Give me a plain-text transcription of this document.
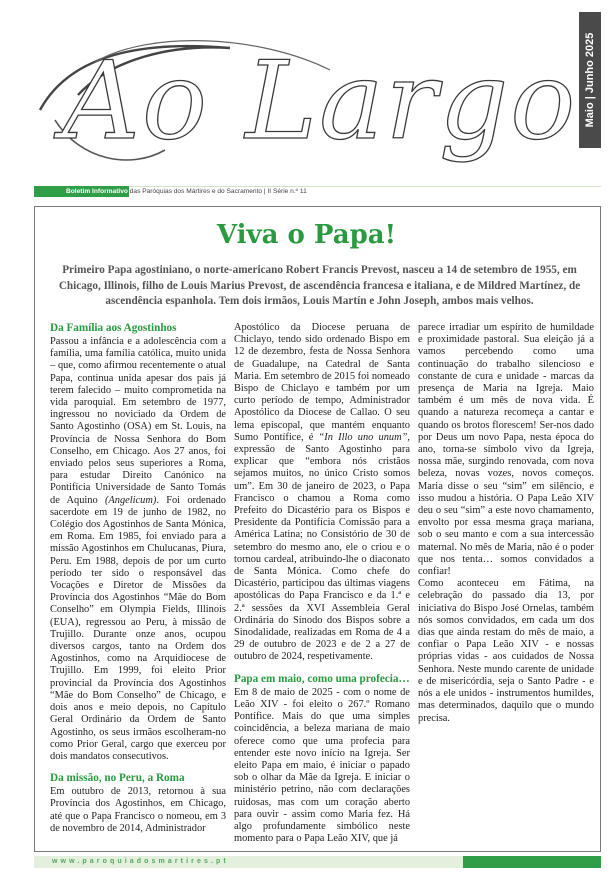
Ao Largo Maio | Junho 2025
Boletim Informativo das Paróquias dos Mártires e do Sacramento | II Série n.º 11
Viva o Papa!

Primeiro Papa agostiniano, o norte-americano Robert Francis Prevost, nasceu a 14 de setembro de 1955, em Chicago, Illinois, filho de Louis Marius Prevost, de ascendência francesa e italiana, e de Mildred Martínez, de ascendência espanhola. Tem dois irmãos, Louis Martín e John Joseph, ambos mais velhos.

Da Família aos Agostinhos

Passou a infância e a adolescência com a família, uma família católica, muito unida – que, como afirmou recentemente o atual Papa, continua unida apesar dos pais já terem falecido – muito comprometida na vida paroquial. Em setembro de 1977, ingressou no noviciado da Ordem de Santo Agostinho (OSA) em St. Louis, na Província de Nossa Senhora do Bom Conselho, em Chicago. Aos 27 anos, foi enviado pelos seus superiores a Roma, para estudar Direito Canónico na Pontifícia Universidade de Santo Tomás de Aquino (Angelicum). Foi ordenado sacerdote em 19 de junho de 1982, no Colégio dos Agostinhos de Santa Mónica, em Roma. Em 1985, foi enviado para a missão Agostinhos em Chulucanas, Piura, Peru. Em 1988, depois de por um curto período ter sido o responsável das Vocações e Diretor de Missões da Província dos Agostinhos “Mãe do Bom Conselho” em Olympia Fields, Illinois (EUA), regressou ao Peru, à missão de Trujillo. Durante onze anos, ocupou diversos cargos, tanto na Ordem dos Agostinhos, como na Arquidiocese de Trujillo. Em 1999, foi eleito Prior provincial da Província dos Agostinhos “Mãe do Bom Conselho” de Chicago, e dois anos e meio depois, no Capítulo Geral Ordinário da Ordem de Santo Agostinho, os seus irmãos escolheram-no como Prior Geral, cargo que exerceu por dois mandatos consecutivos.

Da missão, no Peru, a Roma

Em outubro de 2013, retornou à sua Província dos Agostinhos, em Chicago, até que o Papa Francisco o nomeou, em 3 de novembro de 2014, Administrador

Apostólico da Diocese peruana de Chiclayo, tendo sido ordenado Bispo em 12 de dezembro, festa de Nossa Senhora de Guadalupe, na Catedral de Santa Maria. Em setembro de 2015 foi nomeado Bispo de Chiclayo e também por um curto período de tempo, Administrador Apostólico da Diocese de Callao. O seu lema episcopal, que mantém enquanto Sumo Pontífice, é “In Illo uno unum”, expressão de Santo Agostinho para explicar que “embora nós cristãos sejamos muitos, no único Cristo somos um”. Em 30 de janeiro de 2023, o Papa Francisco o chamou a Roma como Prefeito do Dicastério para os Bispos e Presidente da Pontifícia Comissão para a América Latina; no Consistório de 30 de setembro do mesmo ano, ele o criou e o tornou cardeal, atribuindo-lhe o diaconato de Santa Mónica. Como chefe do Dicastério, participou das últimas viagens apostólicas do Papa Francisco e da 1.ª e 2.ª sessões da XVI Assembleia Geral Ordinária do Sínodo dos Bispos sobre a Sinodalidade, realizadas em Roma de 4 a 29 de outubro de 2023 e de 2 a 27 de outubro de 2024, respetivamente.

Papa em maio, como uma profecia…

Em 8 de maio de 2025 - com o nome de Leão XIV - foi eleito o 267.º Romano Pontífice. Mais do que uma simples coincidência, a beleza mariana de maio oferece como que uma profecia para entender este novo início na Igreja. Ser eleito Papa em maio, é iniciar o papado sob o olhar da Mãe da Igreja. E iniciar o ministério petrino, não com declarações ruidosas, mas com um coração aberto para ouvir - assim como Maria fez. Há algo profundamente simbólico neste momento para o Papa Leão XIV, que já

parece irradiar um espírito de humildade e proximidade pastoral. Sua eleição já a vamos percebendo como uma continuação do trabalho silencioso e constante de cura e unidade - marcas da presença de Maria na Igreja. Maio também é um mês de nova vida. É quando a natureza recomeça a cantar e quando os brotos florescem! Ser-nos dado por Deus um novo Papa, nesta época do ano, torna-se símbolo vivo da Igreja, nossa mãe, surgindo renovada, com nova beleza, novas vozes, novos começos. Maria disse o seu “sim” em silêncio, e isso mudou a história. O Papa Leão XIV deu o seu “sim” a este novo chamamento, envolto por essa mesma graça mariana, sob o seu manto e com a sua intercessão maternal. No mês de Maria, não é o poder que nos tenta… somos convidados a confiar!

Como aconteceu em Fátima, na celebração do passado dia 13, por iniciativa do Bispo José Ornelas, também nós somos convidados, em cada um dos dias que ainda restam do mês de maio, a confiar o Papa Leão XIV - e nossas próprias vidas - aos cuidados de Nossa Senhora. Neste mundo carente de unidade e de misericórdia, seja o Santo Padre - e nós a ele unidos - instrumentos humildes, mas determinados, daquilo que o mundo precisa.

www.paroquiadosmartires.pt
